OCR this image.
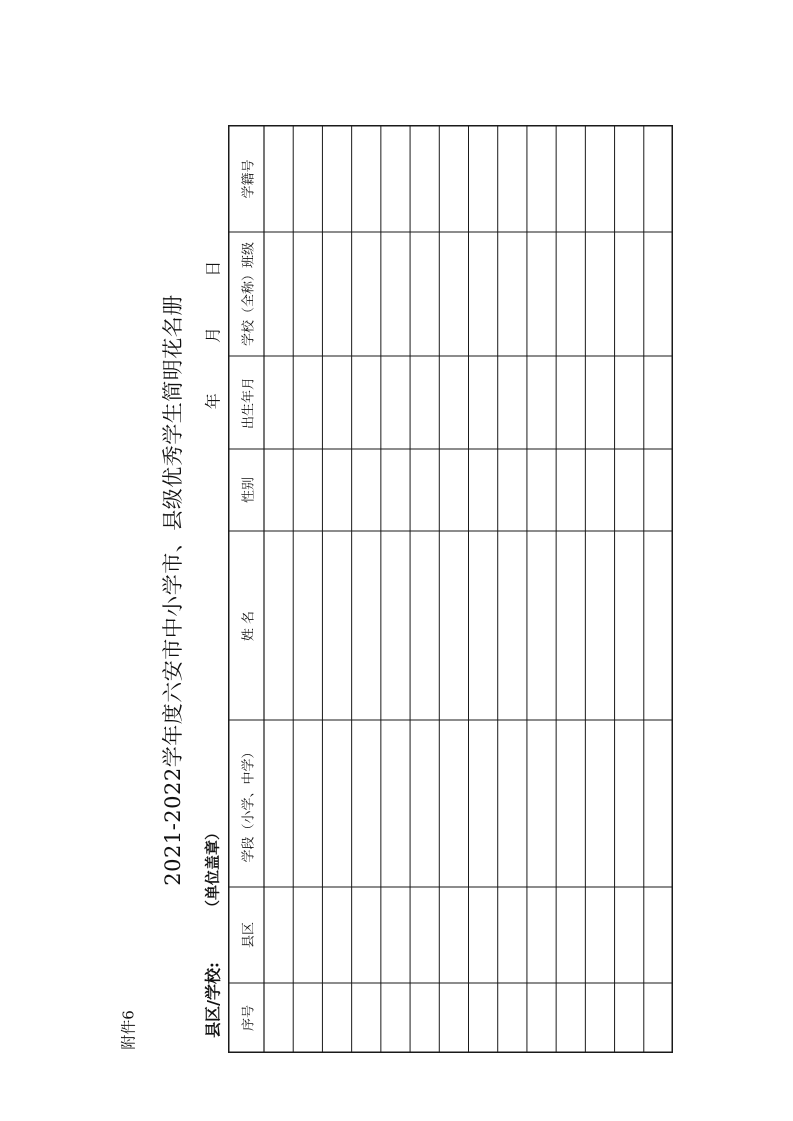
附件6
2021-2022学年度六安市中小学市、县级优秀学生简明花名册
县区/学校:
（单位盖章）
年  月  日
序号
县区
学段（小学、中学）
姓 名
性别
出生年月
学校（全称）班级
学籍号
